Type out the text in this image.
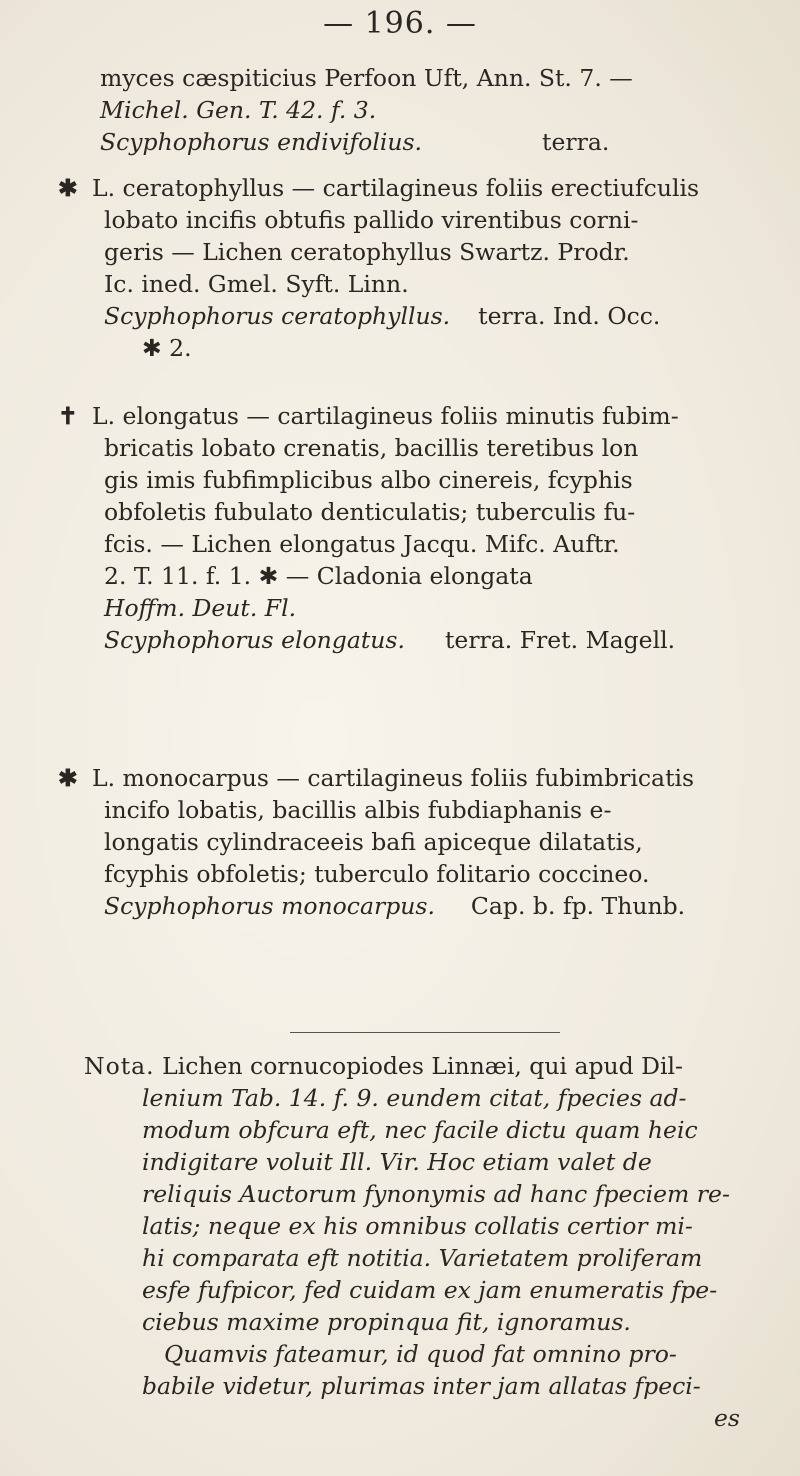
— 196. —
myces cæspiticius Perfoon Uft, Ann. St. 7. —
Michel. Gen. T. 42. f. 3.
Scyphophorus endiviƒolius.	terra.
✱ L. ceratophyllus — cartilagineus foliis erectiufculis
lobato incifis obtufis pallido virentibus corni-
geris — Lichen ceratophyllus Swartz. Prodr.
Ic. ined. Gmel. Syft. Linn.
Scyphophorus ceratophyllus. terra. Ind. Occ.
✱ 2.
✝ L. elongatus — cartilagineus foliis minutis fubim-
bricatis lobato crenatis, bacillis teretibus lon
gis imis fubfimplicibus albo cinereis, fcyphis
obfoletis fubulato denticulatis; tuberculis fu-
fcis. — Lichen elongatus Jacqu. Mifc. Auftr.
2. T. 11. f. 1. ✱ — Cladonia elongata
Hoffm. Deut. Fl.
Scyphophorus elongatus. terra. Fret. Magell.
✱ L. monocarpus — cartilagineus foliis fubimbricatis
incifo lobatis, bacillis albis fubdiaphanis e-
longatis cylindraceeis bafi apiceque dilatatis,
fcyphis obfoletis; tuberculo folitario coccineo.
Scyphophorus monocarpus. Cap. b. fp. Thunb.
Nota. Lichen cornucopiodes Linnæi, qui apud Dil-
lenium Tab. 14. f. 9. eundem citat, fpecies ad-
modum obfcura eft, nec facile dictu quam heic
indigitare voluit Ill. Vir. Hoc etiam valet de
reliquis Auctorum fynonymis ad hanc fpeciem re-
latis; neque ex his omnibus collatis certior mi-
hi comparata eft notitia. Varietatem proliferam
esfe fufpicor, fed cuidam ex jam enumeratis fpe-
ciebus maxime propinqua fit, ignoramus.
Quamvis fateamur, id quod fat omnino pro-
babile videtur, plurimas inter jam allatas fpeci-
es
